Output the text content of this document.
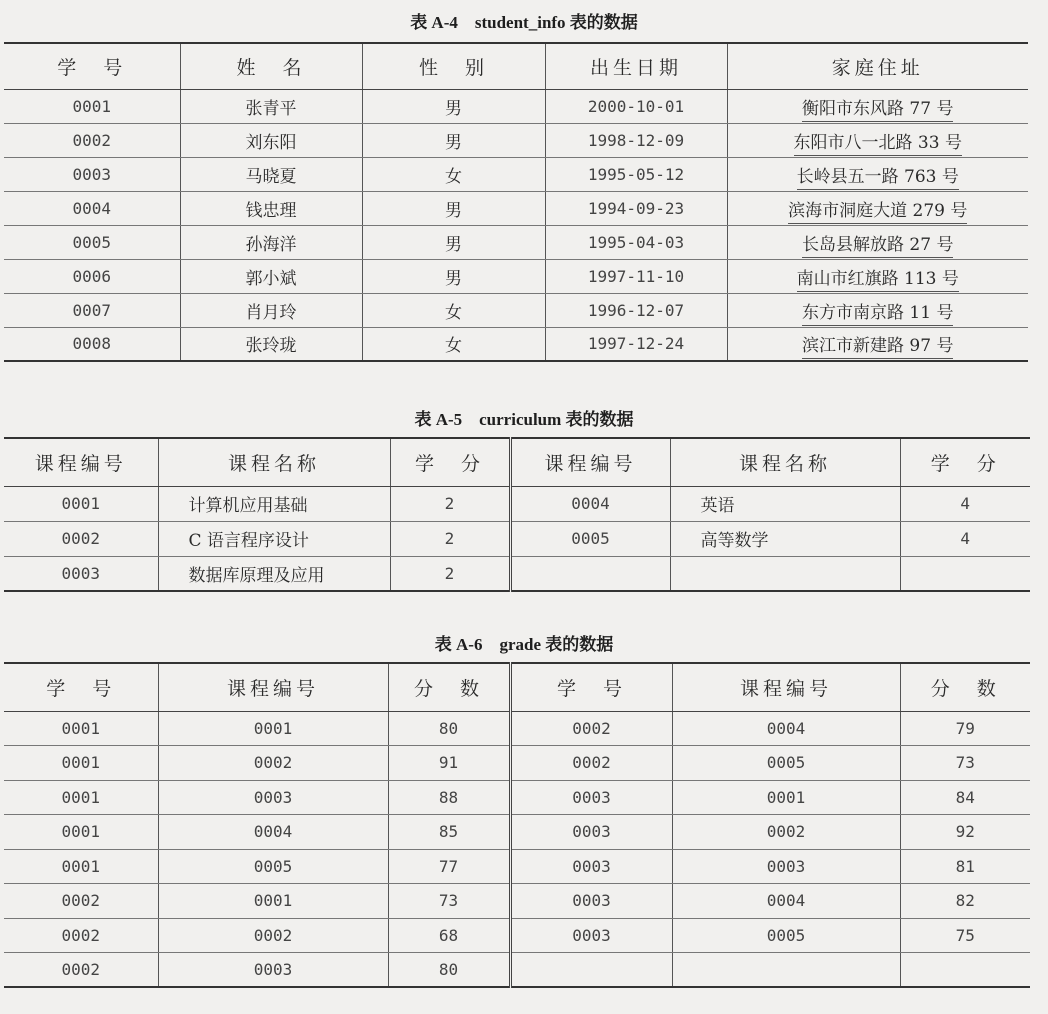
表 A-4　student_info 表的数据
学　号	姓　名	性　别	出生日期	家庭住址
0001	张青平	男	2000-10-01	衡阳市东风路 77 号
0002	刘东阳	男	1998-12-09	东阳市八一北路 33 号
0003	马晓夏	女	1995-05-12	长岭县五一路 763 号
0004	钱忠理	男	1994-09-23	滨海市洞庭大道 279 号
0005	孙海洋	男	1995-04-03	长岛县解放路 27 号
0006	郭小斌	男	1997-11-10	南山市红旗路 113 号
0007	肖月玲	女	1996-12-07	东方市南京路 11 号
0008	张玲珑	女	1997-12-24	滨江市新建路 97 号
表 A-5　curriculum 表的数据
课程编号	课程名称	学　分	课程编号	课程名称	学　分
0001	计算机应用基础	2	0004	英语	4
0002	C 语言程序设计	2	0005	高等数学	4
0003	数据库原理及应用	2			
表 A-6　grade 表的数据
学　号	课程编号	分　数	学　号	课程编号	分　数
0001	0001	80	0002	0004	79
0001	0002	91	0002	0005	73
0001	0003	88	0003	0001	84
0001	0004	85	0003	0002	92
0001	0005	77	0003	0003	81
0002	0001	73	0003	0004	82
0002	0002	68	0003	0005	75
0002	0003	80			
